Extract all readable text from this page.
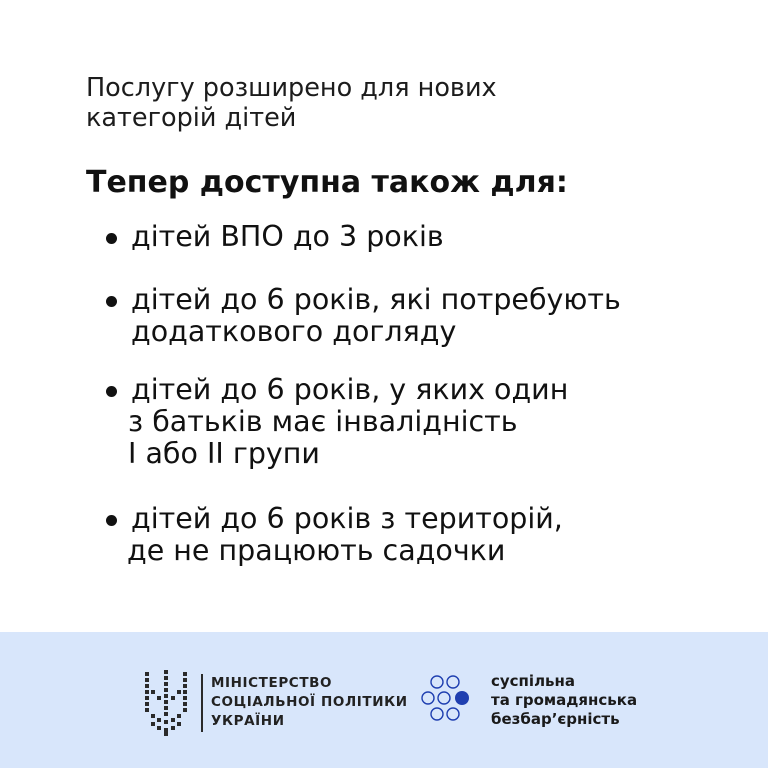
Послугу розширено для нових
категорій дітей

Тепер доступна також для:
дітей ВПО до 3 років
дітей до 6 років, які потребують
додаткового догляду
дітей до 6 років, у яких один
з батьків має інвалідність
I або II групи
дітей до 6 років з територій,
де не працюють садочки
МІНІСТЕРСТВО
СОЦІАЛЬНОЇ ПОЛІТИКИ
УКРАЇНИ
суспільна
та громадянська
безбар’єрність
